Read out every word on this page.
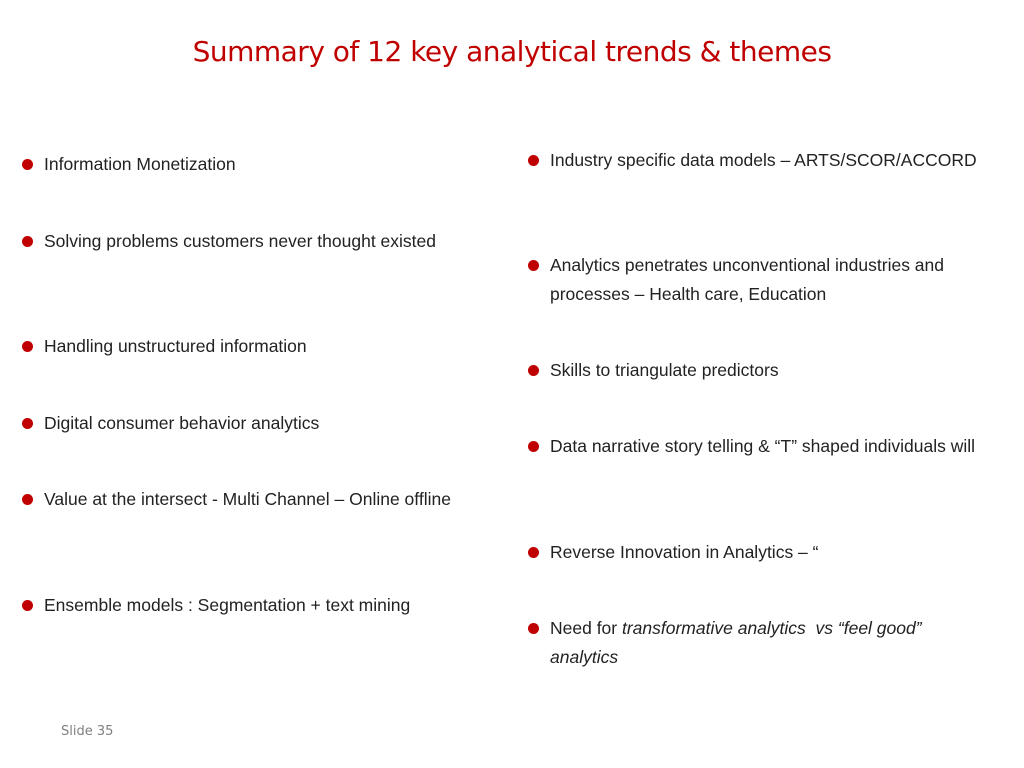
Summary of 12 key analytical trends & themes
Information Monetization
Solving problems customers never thought existed
Handling unstructured information
Digital consumer behavior analytics
Value at the intersect - Multi Channel – Online offline
Ensemble models : Segmentation + text mining
Industry specific data models – ARTS/SCOR/ACCORD
Analytics penetrates unconventional industries and processes – Health care, Education
Skills to triangulate predictors
Data narrative story telling & “T” shaped individuals will
Reverse Innovation in Analytics – “
Need for transformative analytics  vs “feel good” analytics
Slide 35
